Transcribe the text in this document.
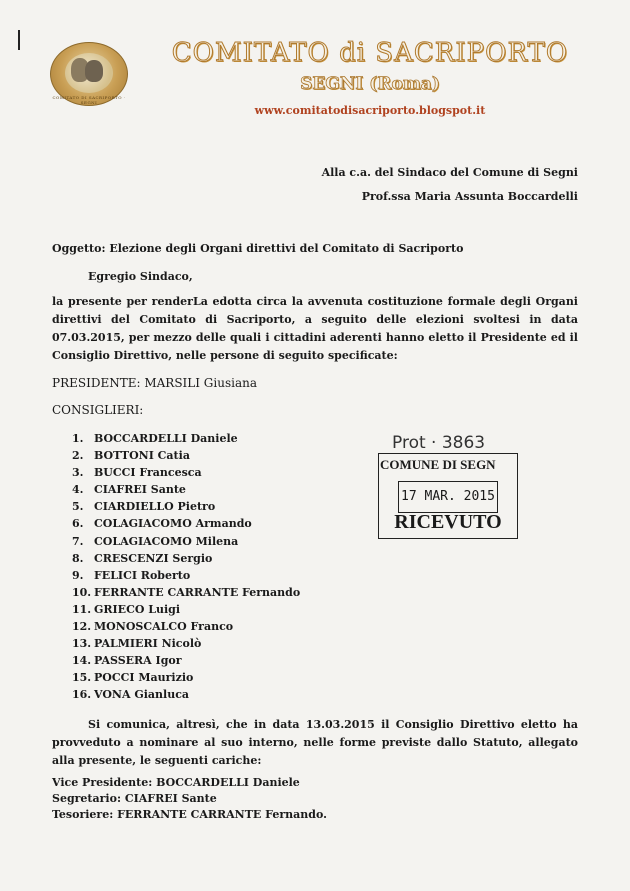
COMITATO DI SACRIPORTO · SEGNI
COMITATO di SACRIPORTO
SEGNI (Roma)
www.comitatodisacriporto.blogspot.it
Alla c.a. del Sindaco del Comune di Segni
Prof.ssa Maria Assunta Boccardelli
Oggetto: Elezione degli Organi direttivi del Comitato di Sacriporto
Egregio Sindaco,
la presente per renderLa edotta circa la avvenuta costituzione formale degli Organi direttivi del Comitato di Sacriporto, a seguito delle elezioni svoltesi in data 07.03.2015, per mezzo delle quali i cittadini aderenti hanno eletto il Presidente ed il Consiglio Direttivo, nelle persone di seguito specificate:
PRESIDENTE: MARSILI Giusiana
CONSIGLIERI:
1. BOCCARDELLI Daniele
2. BOTTONI Catia
3. BUCCI Francesca
4. CIAFREI Sante
5. CIARDIELLO Pietro
6. COLAGIACOMO Armando
7. COLAGIACOMO Milena
8. CRESCENZI Sergio
9. FELICI Roberto
10. FERRANTE CARRANTE Fernando
11. GRIECO Luigi
12. MONOSCALCO Franco
13. PALMIERI Nicolò
14. PASSERA Igor
15. POCCI Maurizio
16. VONA Gianluca
Prot · 3863
COMUNE DI SEGN
17 MAR. 2015
RICEVUTO
Si comunica, altresì, che in data 13.03.2015 il Consiglio Direttivo eletto ha provveduto a nominare al suo interno, nelle forme previste dallo Statuto, allegato alla presente, le seguenti cariche:
Vice Presidente: BOCCARDELLI Daniele
Segretario: CIAFREI Sante
Tesoriere: FERRANTE CARRANTE Fernando.
